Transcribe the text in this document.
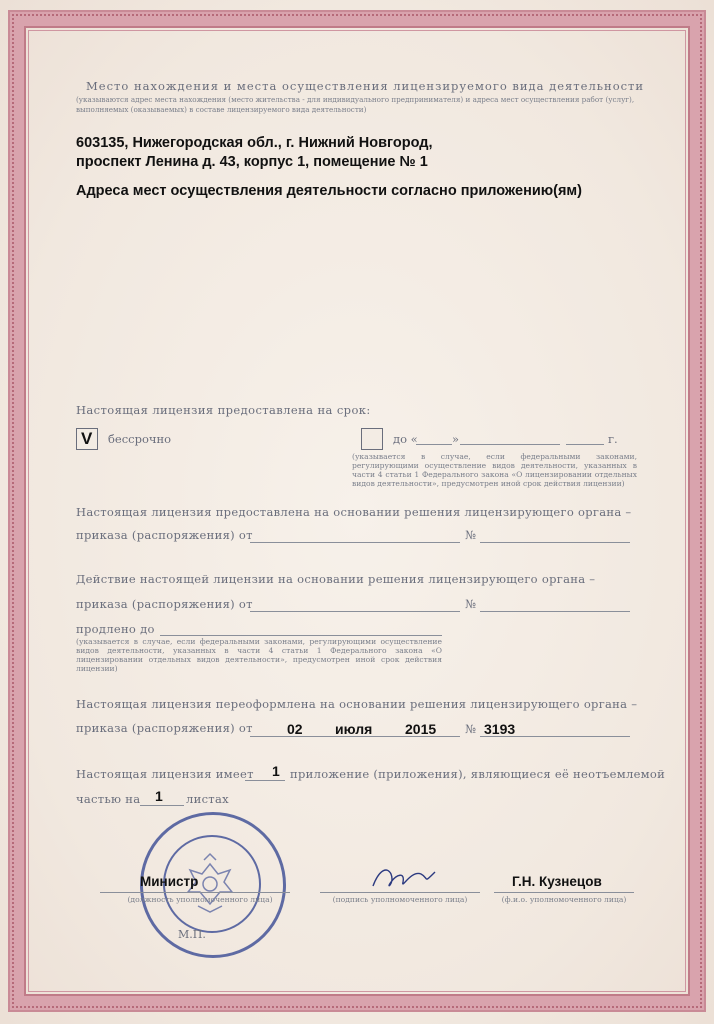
Место нахождения и места осуществления лицензируемого вида деятельности
(указываются адрес места нахождения (место жительства - для индивидуального предпринимателя) и адреса мест осуществления работ (услуг),
выполняемых (оказываемых) в составе лицензируемого вида деятельности)
603135, Нижегородская обл., г. Нижний Новгород,
проспект Ленина д. 43, корпус 1, помещение № 1
Адреса мест осуществления деятельности согласно приложению(ям)
Настоящая лицензия предоставлена на срок:
V бессрочно	до «	»	г.
(указывается в случае, если федеральными законами, регулирующими осуществление видов деятельности, указанных в части 4 статьи 1 Федерального закона «О лицензировании отдельных видов деятельности», предусмотрен иной срок действия лицензии)
Настоящая лицензия предоставлена на основании решения лицензирующего органа –
приказа (распоряжения) от	№
Действие настоящей лицензии на основании решения лицензирующего органа –
приказа (распоряжения) от	№
продлено до
(указывается в случае, если федеральными законами, регулирующими осуществление видов деятельности, указанных в части 4 статьи 1 Федерального закона «О лицензировании отдельных видов деятельности», предусмотрен иной срок действия лицензии)
Настоящая лицензия переоформлена на основании решения лицензирующего органа –
приказа (распоряжения) от 02 июля 2015	№ 3193
Настоящая лицензия имеет 1 приложение (приложения), являющиеся её неотъемлемой
частью на 1 листах
Министр
(должность уполномоченного лица)	(подпись уполномоченного лица)
Г.Н. Кузнецов
(ф.и.о. уполномоченного лица)
М.П.
